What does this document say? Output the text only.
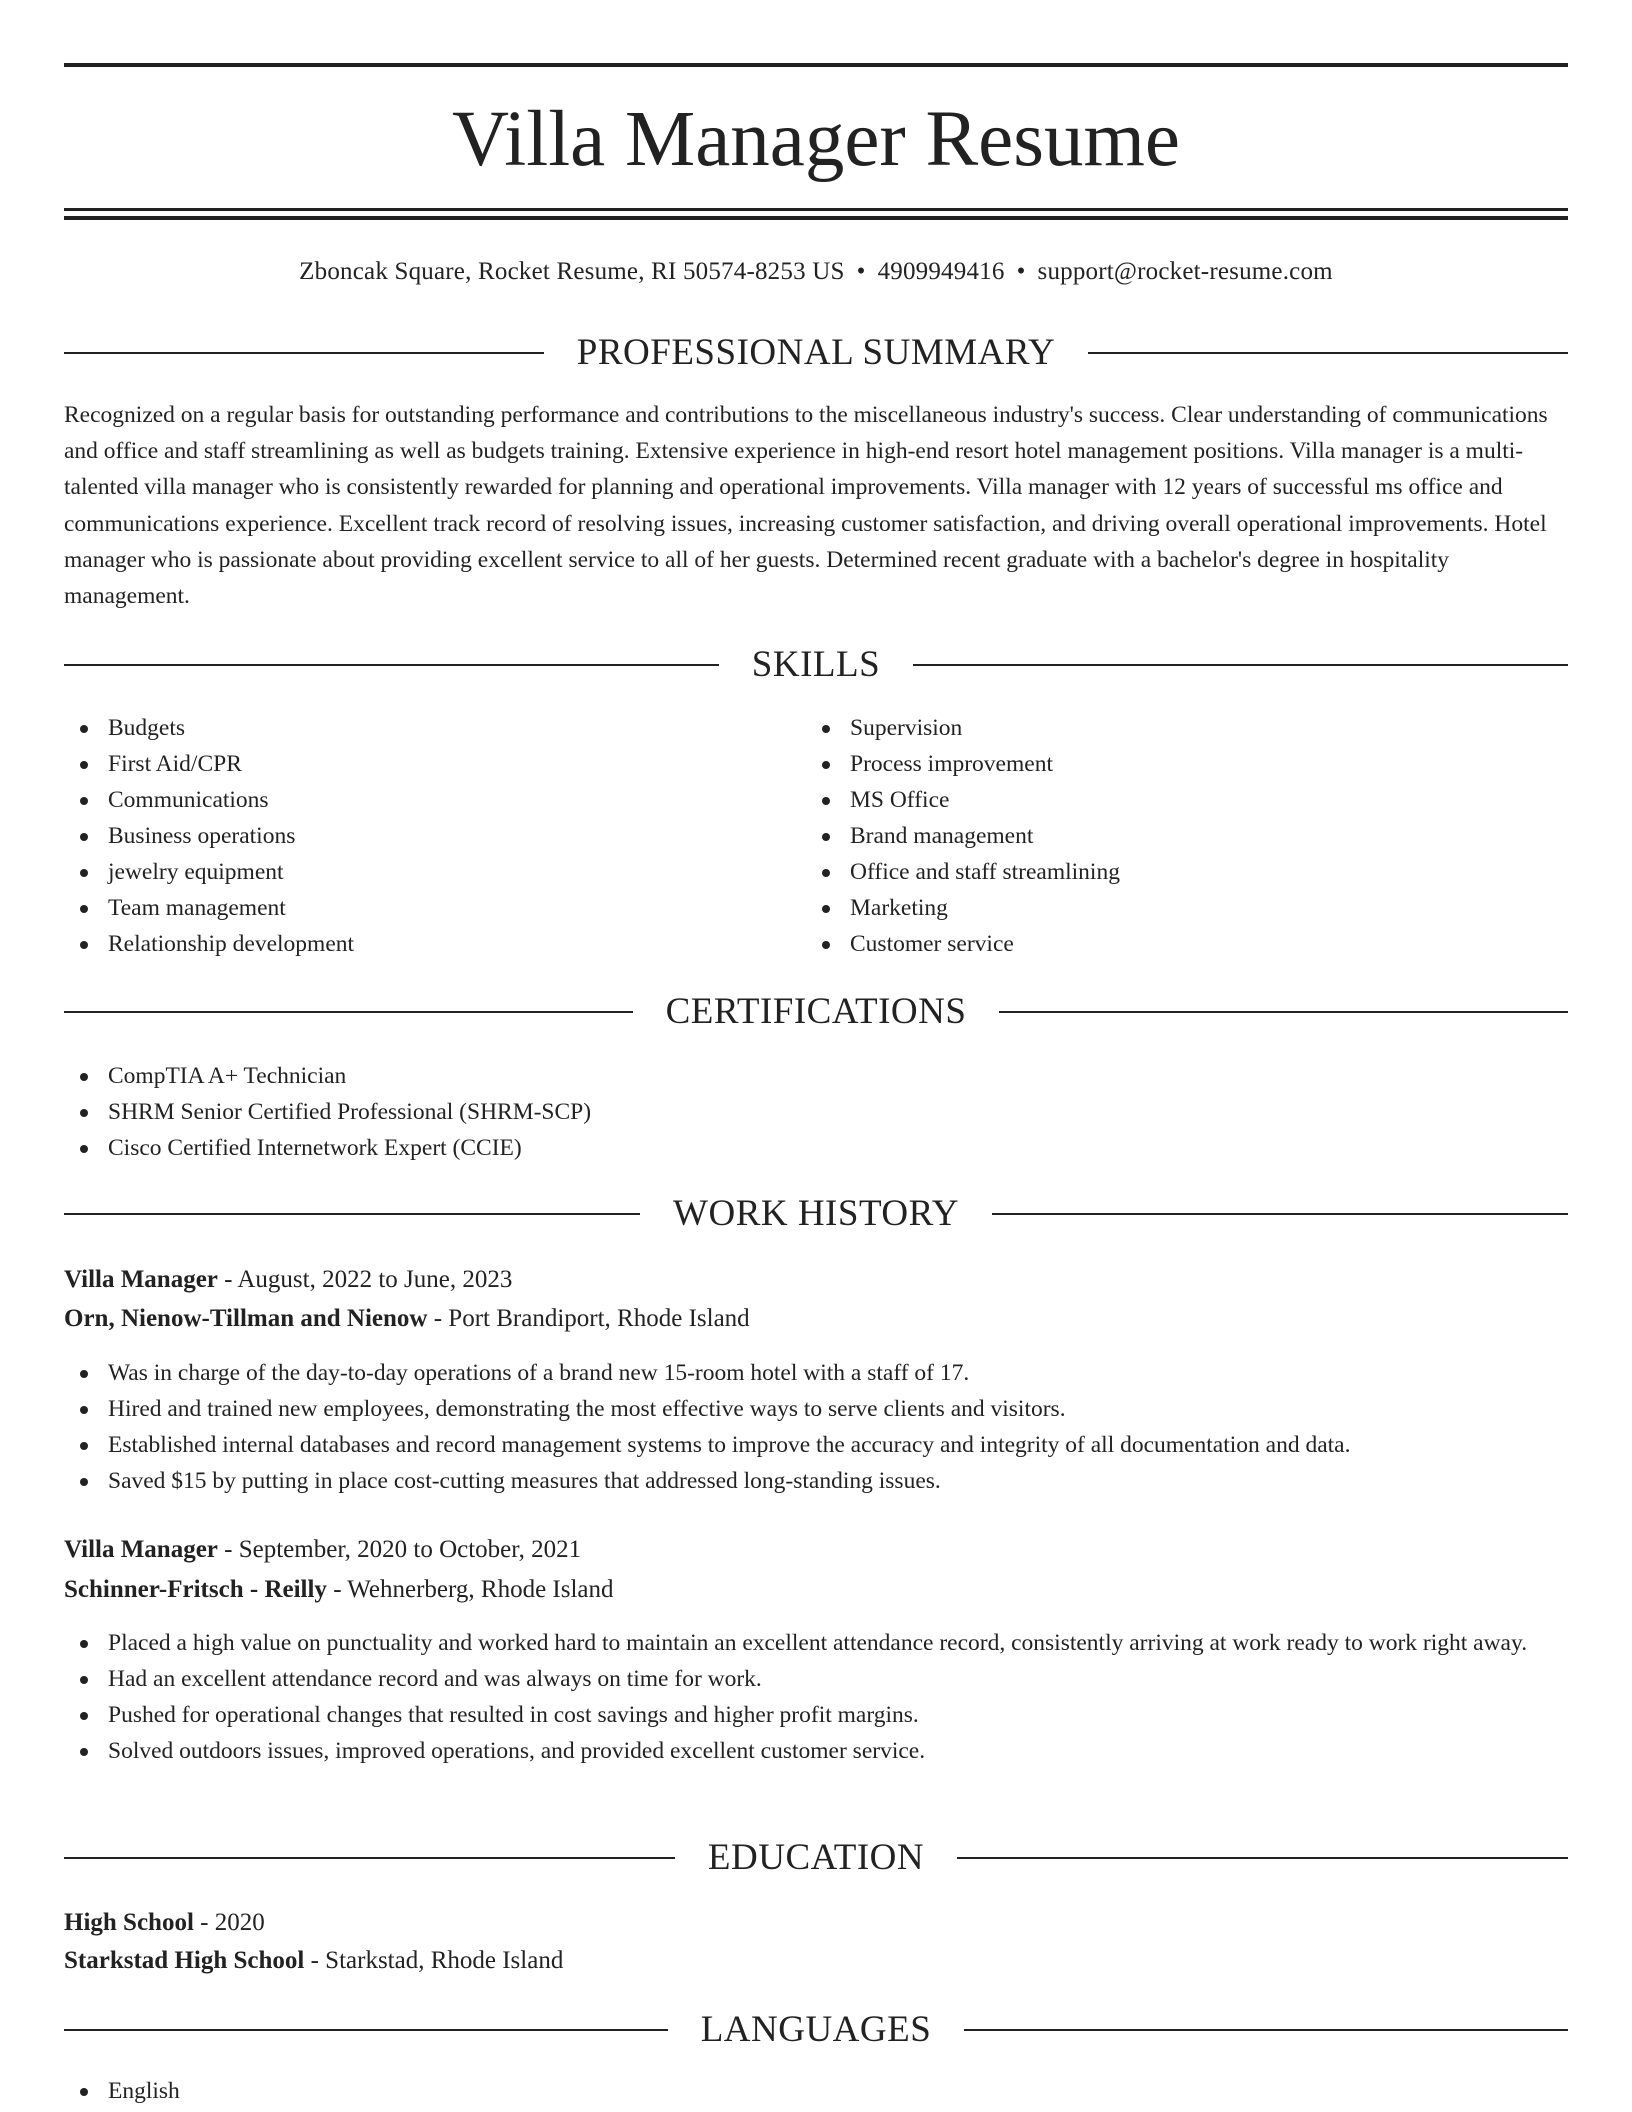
Villa Manager Resume
Zboncak Square, Rocket Resume, RI 50574-8253 US • 4909949416 • support@rocket-resume.com
PROFESSIONAL SUMMARY

Recognized on a regular basis for outstanding performance and contributions to the miscellaneous industry's success. Clear understanding of communications and office and staff streamlining as well as budgets training. Extensive experience in high-end resort hotel management positions. Villa manager is a multi-talented villa manager who is consistently rewarded for planning and operational improvements. Villa manager with 12 years of successful ms office and communications experience. Excellent track record of resolving issues, increasing customer satisfaction, and driving overall operational improvements. Hotel manager who is passionate about providing excellent service to all of her guests. Determined recent graduate with a bachelor's degree in hospitality management.

SKILLS
Budgets
First Aid/CPR
Communications
Business operations
jewelry equipment
Team management
Relationship development
Supervision
Process improvement
MS Office
Brand management
Office and staff streamlining
Marketing
Customer service
CERTIFICATIONS
CompTIA A+ Technician
SHRM Senior Certified Professional (SHRM-SCP)
Cisco Certified Internetwork Expert (CCIE)
WORK HISTORY
Villa Manager - August, 2022 to June, 2023
Orn, Nienow-Tillman and Nienow - Port Brandiport, Rhode Island
Was in charge of the day-to-day operations of a brand new 15-room hotel with a staff of 17.
Hired and trained new employees, demonstrating the most effective ways to serve clients and visitors.
Established internal databases and record management systems to improve the accuracy and integrity of all documentation and data.
Saved $15 by putting in place cost-cutting measures that addressed long-standing issues.
Villa Manager - September, 2020 to October, 2021
Schinner-Fritsch - Reilly - Wehnerberg, Rhode Island
Placed a high value on punctuality and worked hard to maintain an excellent attendance record, consistently arriving at work ready to work right away.
Had an excellent attendance record and was always on time for work.
Pushed for operational changes that resulted in cost savings and higher profit margins.
Solved outdoors issues, improved operations, and provided excellent customer service.
EDUCATION
High School - 2020
Starkstad High School - Starkstad, Rhode Island
LANGUAGES
English
